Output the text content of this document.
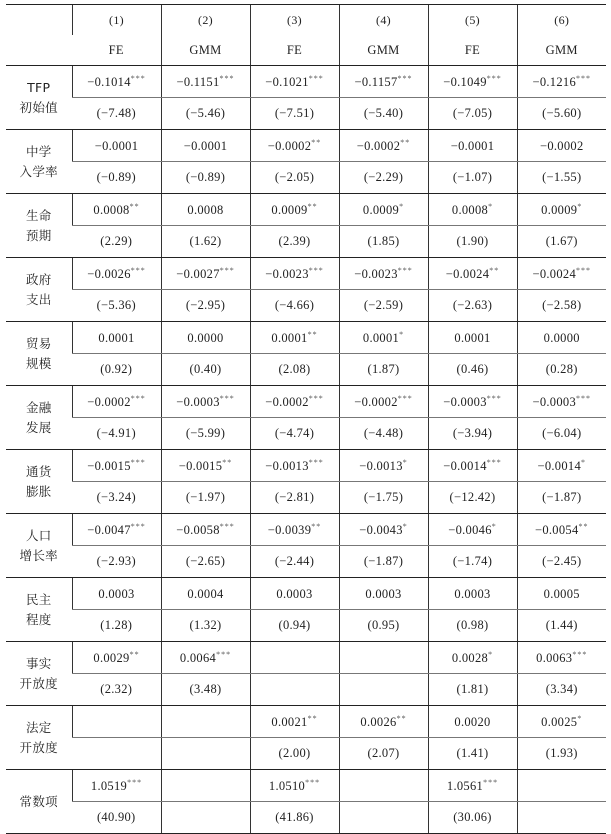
	(1)	(2)	(3)	(4)	(5)	(6)
	FE	GMM	FE	GMM	FE	GMM

TFP
初始值	−0.1014***	−0.1151***	−0.1021***	−0.1157***	−0.1049***	−0.1216***
	(−7.48)	(−5.46)	(−7.51)	(−5.40)	(−7.05)	(−5.60)

中学
入学率	−0.0001	−0.0001	−0.0002**	−0.0002**	−0.0001	−0.0002
	(−0.89)	(−0.89)	(−2.05)	(−2.29)	(−1.07)	(−1.55)

生命
预期	0.0008**	0.0008	0.0009**	0.0009*	0.0008*	0.0009*
	(2.29)	(1.62)	(2.39)	(1.85)	(1.90)	(1.67)

政府
支出	−0.0026***	−0.0027***	−0.0023***	−0.0023***	−0.0024**	−0.0024***
	(−5.36)	(−2.95)	(−4.66)	(−2.59)	(−2.63)	(−2.58)

贸易
规模	0.0001	0.0000	0.0001**	0.0001*	0.0001	0.0000
	(0.92)	(0.40)	(2.08)	(1.87)	(0.46)	(0.28)

金融
发展	−0.0002***	−0.0003***	−0.0002***	−0.0002***	−0.0003***	−0.0003***
	(−4.91)	(−5.99)	(−4.74)	(−4.48)	(−3.94)	(−6.04)

通货
膨胀	−0.0015***	−0.0015**	−0.0013***	−0.0013*	−0.0014***	−0.0014*
	(−3.24)	(−1.97)	(−2.81)	(−1.75)	(−12.42)	(−1.87)

人口
增长率	−0.0047***	−0.0058***	−0.0039**	−0.0043*	−0.0046*	−0.0054**
	(−2.93)	(−2.65)	(−2.44)	(−1.87)	(−1.74)	(−2.45)

民主
程度	0.0003	0.0004	0.0003	0.0003	0.0003	0.0005
	(1.28)	(1.32)	(0.94)	(0.95)	(0.98)	(1.44)

事实
开放度	0.0029**	0.0064***			0.0028*	0.0063***
	(2.32)	(3.48)			(1.81)	(3.34)

法定
开放度			0.0021**	0.0026**	0.0020	0.0025*
			(2.00)	(2.07)	(1.41)	(1.93)

常数项	1.0519***		1.0510***		1.0561***	
	(40.90)		(41.86)		(30.06)	
